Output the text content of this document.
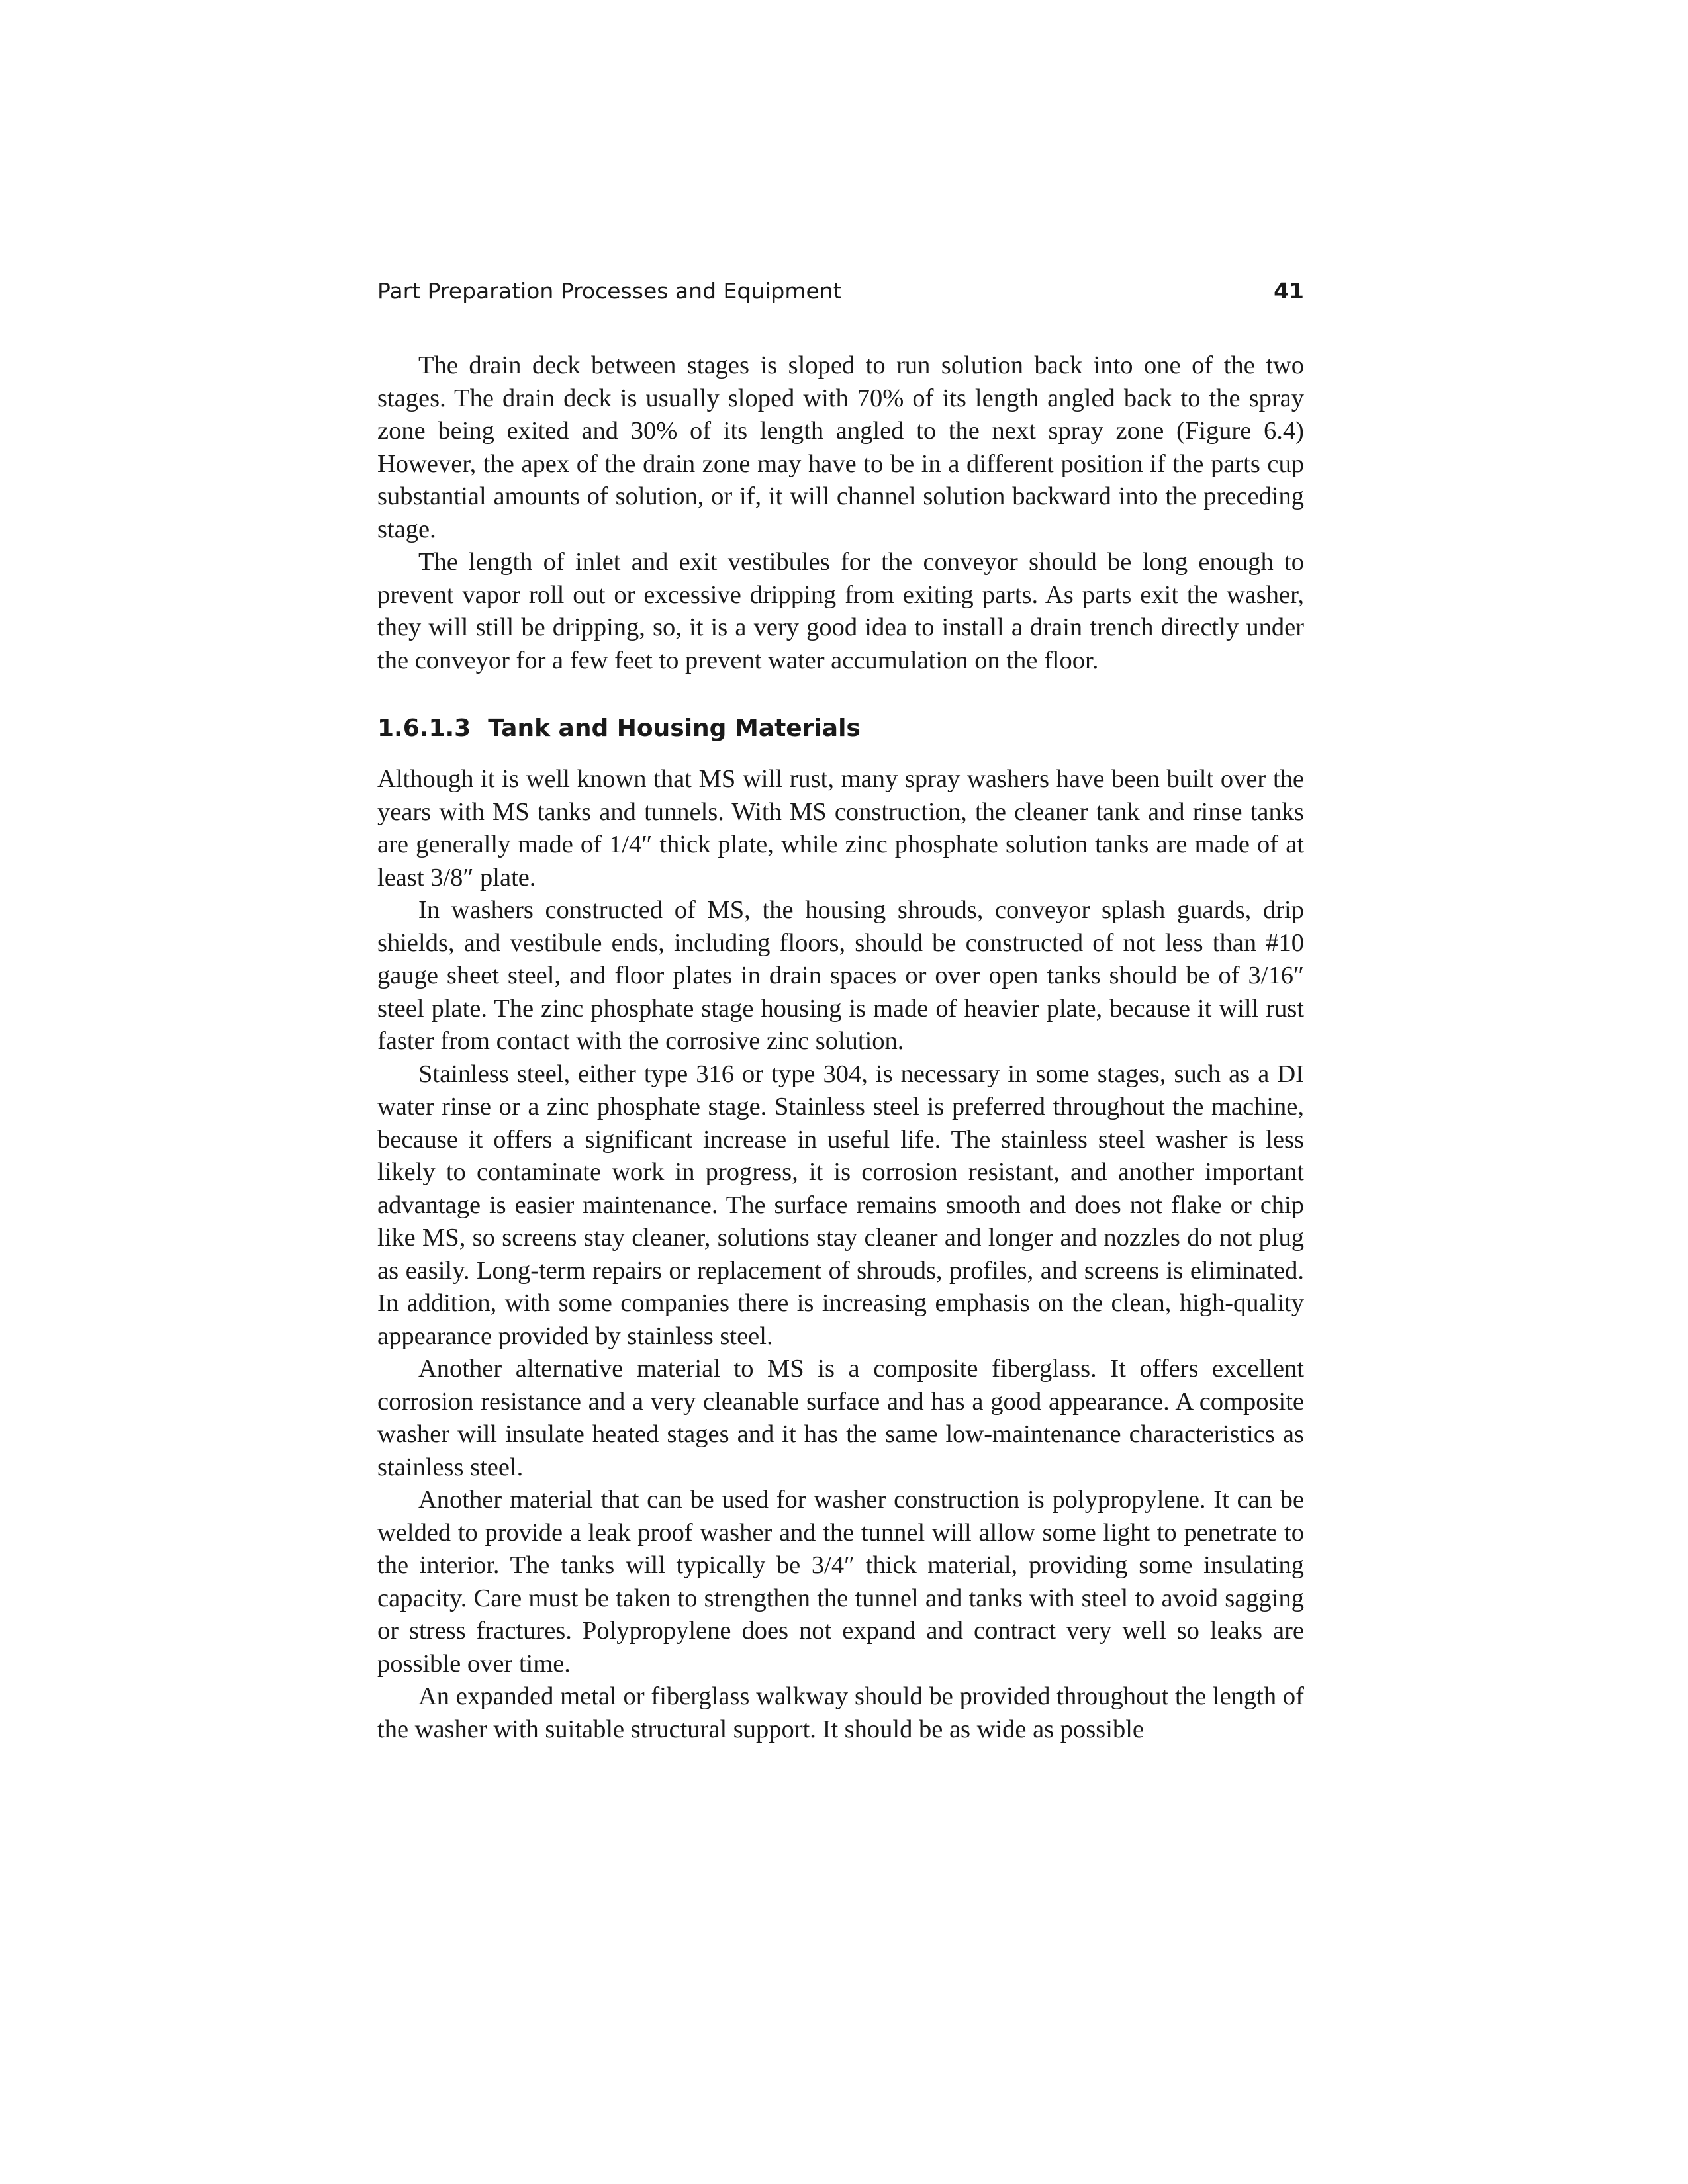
Part Preparation Processes and Equipment	41

The drain deck between stages is sloped to run solution back into one of the two stages. The drain deck is usually sloped with 70% of its length angled back to the spray zone being exited and 30% of its length angled to the next spray zone (Figure 6.4) However, the apex of the drain zone may have to be in a different position if the parts cup substantial amounts of solution, or if, it will channel solution backward into the preceding stage.

The length of inlet and exit vestibules for the conveyor should be long enough to prevent vapor roll out or excessive dripping from exiting parts. As parts exit the washer, they will still be dripping, so, it is a very good idea to install a drain trench directly under the conveyor for a few feet to prevent water accumulation on the floor.

1.6.1.3 Tank and Housing Materials

Although it is well known that MS will rust, many spray washers have been built over the years with MS tanks and tunnels. With MS construction, the cleaner tank and rinse tanks are generally made of 1/4″ thick plate, while zinc phosphate solution tanks are made of at least 3/8″ plate.

In washers constructed of MS, the housing shrouds, conveyor splash guards, drip shields, and vestibule ends, including floors, should be constructed of not less than #10 gauge sheet steel, and floor plates in drain spaces or over open tanks should be of 3/16″ steel plate. The zinc phosphate stage housing is made of heavier plate, because it will rust faster from contact with the corrosive zinc solution.

Stainless steel, either type 316 or type 304, is necessary in some stages, such as a DI water rinse or a zinc phosphate stage. Stainless steel is preferred throughout the machine, because it offers a significant increase in useful life. The stainless steel washer is less likely to contaminate work in progress, it is corrosion resistant, and another important advantage is easier maintenance. The surface remains smooth and does not flake or chip like MS, so screens stay cleaner, solutions stay cleaner and longer and nozzles do not plug as easily. Long-term repairs or replacement of shrouds, profiles, and screens is eliminated. In addition, with some companies there is increasing emphasis on the clean, high-quality appearance provided by stainless steel.

Another alternative material to MS is a composite fiberglass. It offers excellent corrosion resistance and a very cleanable surface and has a good appearance. A composite washer will insulate heated stages and it has the same low-maintenance characteristics as stainless steel.

Another material that can be used for washer construction is polypropylene. It can be welded to provide a leak proof washer and the tunnel will allow some light to penetrate to the interior. The tanks will typically be 3/4″ thick material, providing some insulating capacity. Care must be taken to strengthen the tunnel and tanks with steel to avoid sagging or stress fractures. Polypropylene does not expand and contract very well so leaks are possible over time.

An expanded metal or fiberglass walkway should be provided throughout the length of the washer with suitable structural support. It should be as wide as possible
